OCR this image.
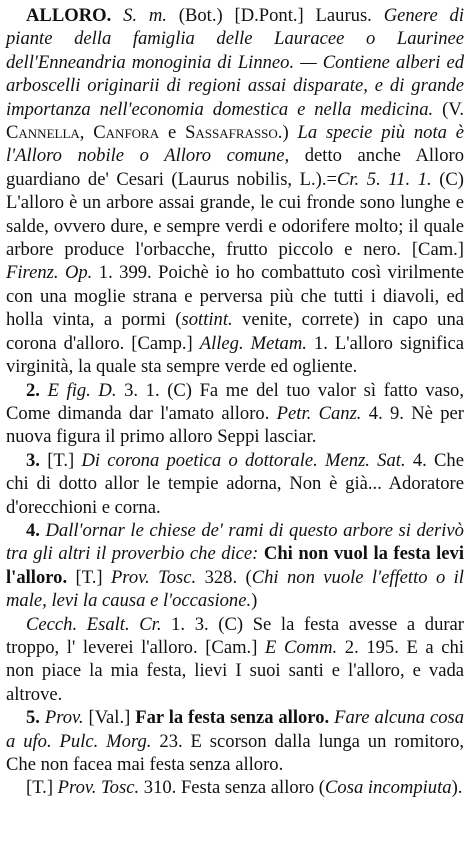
ALLORO. S. m. (Bot.) [D.Pont.] Laurus. Genere di piante della famiglia delle Lauracee o Laurinee dell'Enneandria monoginia di Linneo. — Contiene alberi ed arboscelli originarii di regioni assai disparate, e di grande importanza nell'economia domestica e nella medicina. (V. Cannella, Canfora e Sassafrasso.) La specie più nota è l'Alloro nobile o Alloro comune, detto anche Alloro guardiano de' Cesari (Laurus nobilis, L.).=Cr. 5. 11. 1. (C) L'alloro è un arbore assai grande, le cui fronde sono lunghe e salde, ovvero dure, e sempre verdi e odorifere molto; il quale arbore produce l'orbacche, frutto piccolo e nero. [Cam.] Firenz. Op. 1. 399. Poichè io ho combattuto così virilmente con una moglie strana e perversa più che tutti i diavoli, ed holla vinta, a pormi (sottint. venite, correte) in capo una corona d'alloro. [Camp.] Alleg. Metam. 1. L'alloro significa virginità, la quale sta sempre verde ed ogliente.

2. E fig. D. 3. 1. (C) Fa me del tuo valor sì fatto vaso, Come dimanda dar l'amato alloro. Petr. Canz. 4. 9. Nè per nuova figura il primo alloro Seppi lasciar.

3. [T.] Di corona poetica o dottorale. Menz. Sat. 4. Che chi di dotto allor le tempie adorna, Non è già... Adoratore d'orecchioni e corna.

4. Dall'ornar le chiese de' rami di questo arbore si derivò tra gli altri il proverbio che dice: Chi non vuol la festa levi l'alloro. [T.] Prov. Tosc. 328. (Chi non vuole l'effetto o il male, levi la causa e l'occasione.)

Cecch. Esalt. Cr. 1. 3. (C) Se la festa avesse a durar troppo, l' leverei l'alloro. [Cam.] E Comm. 2. 195. E a chi non piace la mia festa, lievi I suoi santi e l'alloro, e vada altrove.

5. Prov. [Val.] Far la festa senza alloro. Fare alcuna cosa a ufo. Pulc. Morg. 23. E scorson dalla lunga un romitoro, Che non facea mai festa senza alloro.

[T.] Prov. Tosc. 310. Festa senza alloro (Cosa incompiuta).
